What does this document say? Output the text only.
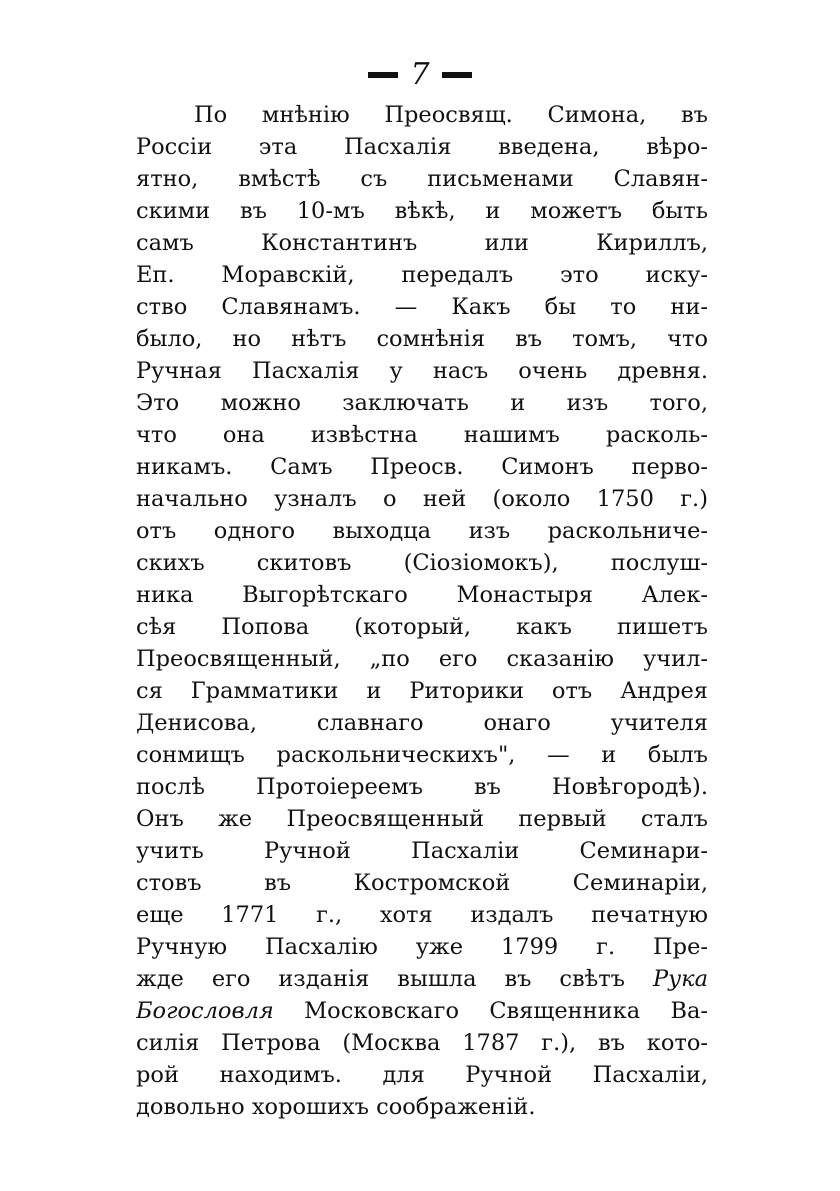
7
По мнѣнію Преосвящ. Симона, въ
Россіи эта Пасхалія введена, вѣро-
ятно, вмѣстѣ съ письменами Славян-
скими въ 10-мъ вѣкѣ, и можетъ быть
самъ Константинъ или Кириллъ,
Еп. Моравскій, передалъ это иску-
ство Славянамъ. — Какъ бы то ни-
было, но нѣтъ сомнѣнія въ томъ, что
Ручная Пасхалія у насъ очень древня.
Это можно заключать и изъ того,
что она извѣстна нашимъ расколь-
никамъ. Самъ Преосв. Симонъ перво-
начально узналъ о ней (около 1750 г.)
отъ одного выходца изъ раскольниче-
скихъ скитовъ (Сіозіомокъ), послуш-
ника Выгорѣтскаго Монастыря Алек-
сѣя Попова (который, какъ пишетъ
Преосвященный, „по его сказанію учил-
ся Грамматики и Риторики отъ Андрея
Денисова, славнаго онаго учителя
сонмищъ раскольническихъ", — и былъ
послѣ Протоіереемъ въ Новѣгородѣ).
Онъ же Преосвященный первый сталъ
учить Ручной Пасхаліи Семинари-
стовъ въ Костромской Семинаріи,
еще 1771 г., хотя издалъ печатную
Ручную Пасхалію уже 1799 г. Пре-
жде его изданія вышла въ свѣтъ Рука
Богословля Московскаго Священника Ва-
силія Петрова (Москва 1787 г.), въ кото-
рой находимъ. для Ручной Пасхаліи,
довольно хорошихъ соображеній.
